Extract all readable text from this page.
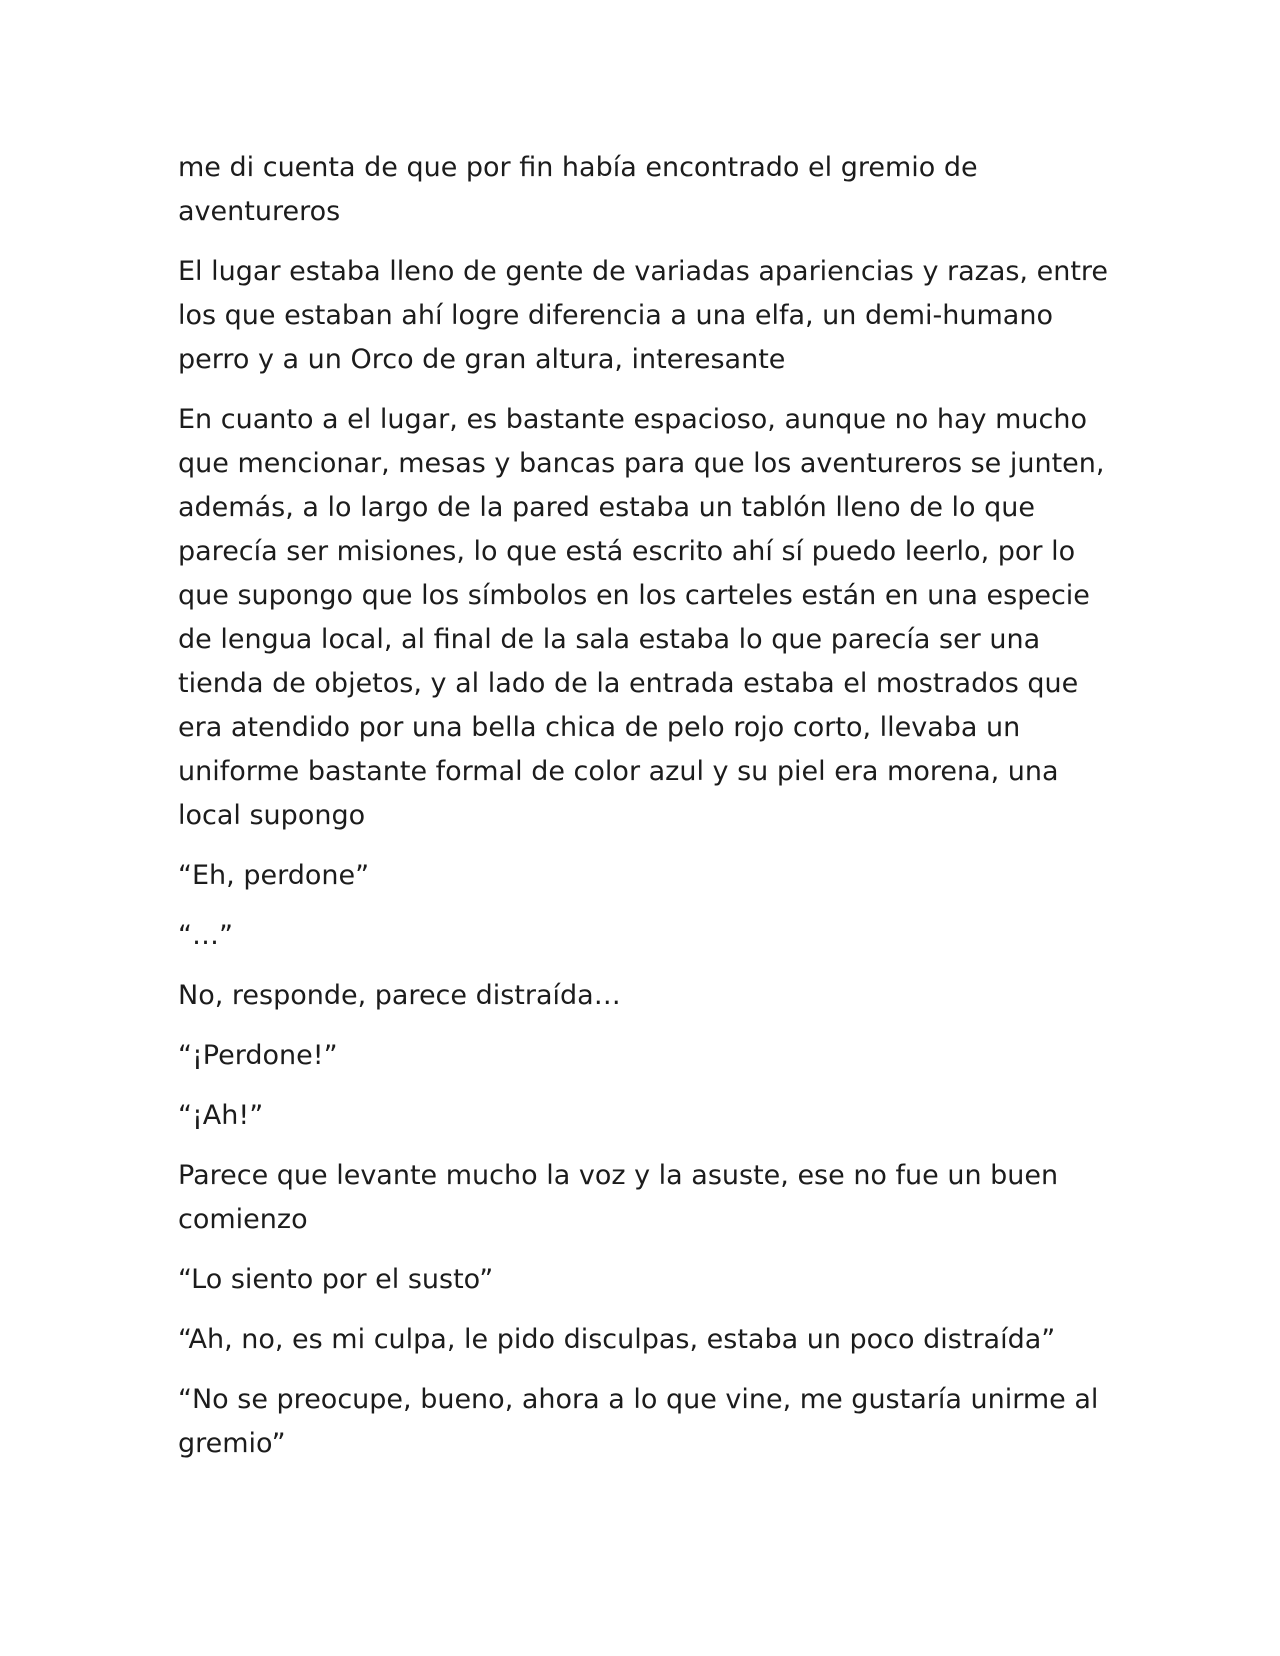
me di cuenta de que por fin había encontrado el gremio de
aventureros

El lugar estaba lleno de gente de variadas apariencias y razas, entre
los que estaban ahí logre diferencia a una elfa, un demi-humano
perro y a un Orco de gran altura, interesante

En cuanto a el lugar, es bastante espacioso, aunque no hay mucho
que mencionar, mesas y bancas para que los aventureros se junten,
además, a lo largo de la pared estaba un tablón lleno de lo que
parecía ser misiones, lo que está escrito ahí sí puedo leerlo, por lo
que supongo que los símbolos en los carteles están en una especie
de lengua local, al final de la sala estaba lo que parecía ser una
tienda de objetos, y al lado de la entrada estaba el mostrados que
era atendido por una bella chica de pelo rojo corto, llevaba un
uniforme bastante formal de color azul y su piel era morena, una
local supongo

“Eh, perdone”

“…”

No, responde, parece distraída…

“¡Perdone!”

“¡Ah!”

Parece que levante mucho la voz y la asuste, ese no fue un buen
comienzo

“Lo siento por el susto”

“Ah, no, es mi culpa, le pido disculpas, estaba un poco distraída”

“No se preocupe, bueno, ahora a lo que vine, me gustaría unirme al
gremio”
